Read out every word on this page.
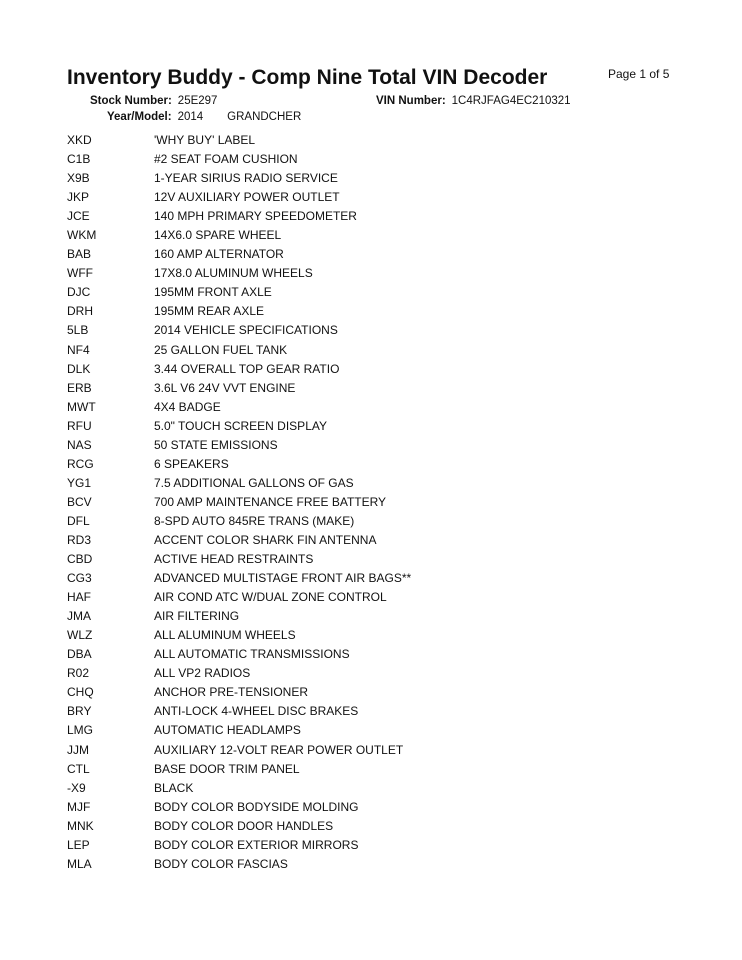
Inventory Buddy - Comp Nine Total VIN Decoder	Page 1 of 5
Stock Number: 25E297	VIN Number: 1C4RJFAG4EC210321
Year/Model: 2014 GRANDCHER
XKD	'WHY BUY' LABEL
C1B	#2 SEAT FOAM CUSHION
X9B	1-YEAR SIRIUS RADIO SERVICE
JKP	12V AUXILIARY POWER OUTLET
JCE	140 MPH PRIMARY SPEEDOMETER
WKM	14X6.0 SPARE WHEEL
BAB	160 AMP ALTERNATOR
WFF	17X8.0 ALUMINUM WHEELS
DJC	195MM FRONT AXLE
DRH	195MM REAR AXLE
5LB	2014 VEHICLE SPECIFICATIONS
NF4	25 GALLON FUEL TANK
DLK	3.44 OVERALL TOP GEAR RATIO
ERB	3.6L V6 24V VVT ENGINE
MWT	4X4 BADGE
RFU	5.0" TOUCH SCREEN DISPLAY
NAS	50 STATE EMISSIONS
RCG	6 SPEAKERS
YG1	7.5 ADDITIONAL GALLONS OF GAS
BCV	700 AMP MAINTENANCE FREE BATTERY
DFL	8-SPD AUTO 845RE TRANS (MAKE)
RD3	ACCENT COLOR SHARK FIN ANTENNA
CBD	ACTIVE HEAD RESTRAINTS
CG3	ADVANCED MULTISTAGE FRONT AIR BAGS**
HAF	AIR COND ATC W/DUAL ZONE CONTROL
JMA	AIR FILTERING
WLZ	ALL ALUMINUM WHEELS
DBA	ALL AUTOMATIC TRANSMISSIONS
R02	ALL VP2 RADIOS
CHQ	ANCHOR PRE-TENSIONER
BRY	ANTI-LOCK 4-WHEEL DISC BRAKES
LMG	AUTOMATIC HEADLAMPS
JJM	AUXILIARY 12-VOLT REAR POWER OUTLET
CTL	BASE DOOR TRIM PANEL
-X9	BLACK
MJF	BODY COLOR BODYSIDE MOLDING
MNK	BODY COLOR DOOR HANDLES
LEP	BODY COLOR EXTERIOR MIRRORS
MLA	BODY COLOR FASCIAS
